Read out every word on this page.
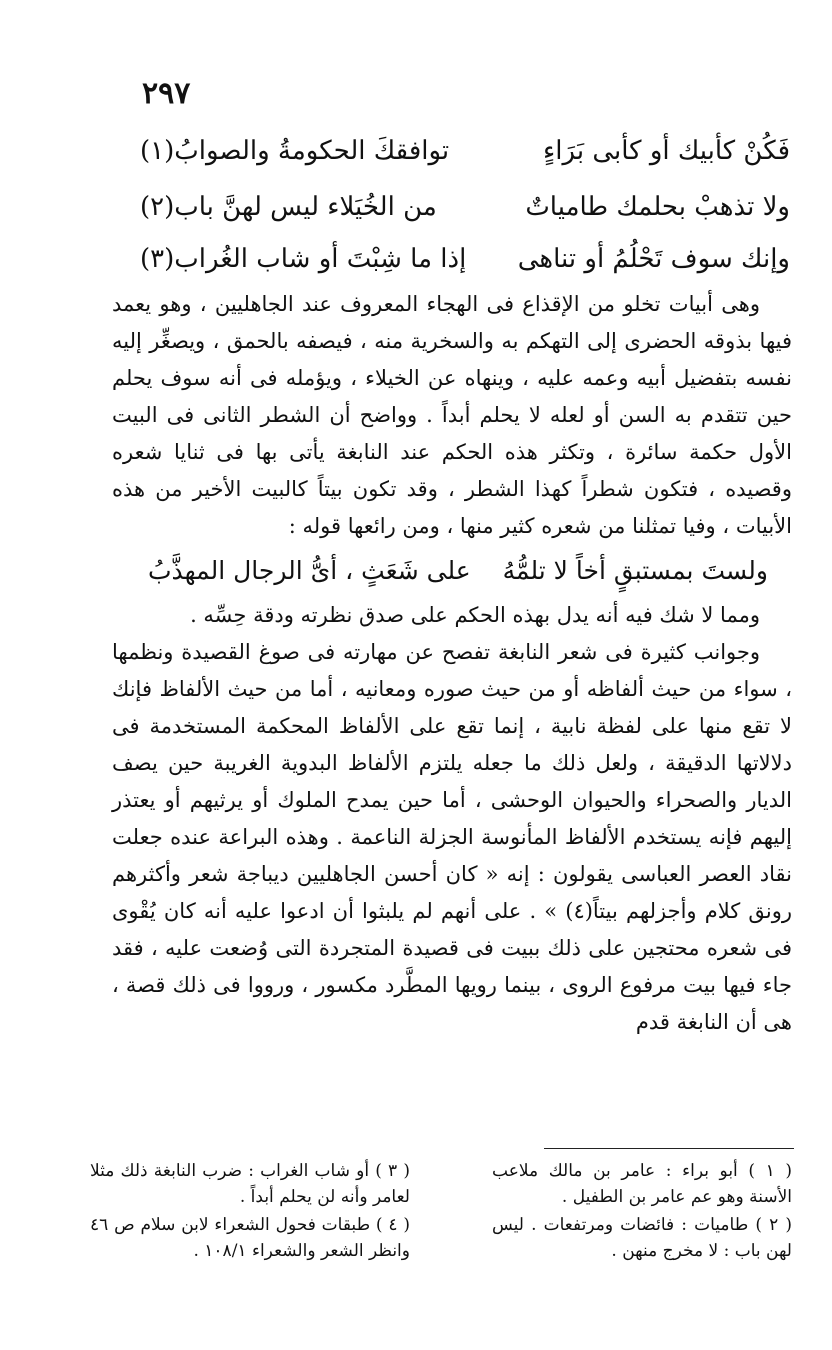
٢٩٧
فَكُنْ كأبيك أو كأبى بَرَاءٍ
توافقكَ الحكومةُ والصوابُ(١)
ولا تذهبْ بحلمك طامياتٌ
من الخُيَلاء ليس لهنَّ باب(٢)
وإنك سوف تَحْلُمُ أو تناهى
إذا ما شِبْتَ أو شاب الغُراب(٣)

وهى أبيات تخلو من الإقذاع فى الهجاء المعروف عند الجاهليين ، وهو يعمد فيها بذوقه الحضرى إلى التهكم به والسخرية منه ، فيصفه بالحمق ، ويصغِّر إليه نفسه بتفضيل أبيه وعمه عليه ، وينهاه عن الخيلاء ، ويؤمله فى أنه سوف يحلم حين تتقدم به السن أو لعله لا يحلم أبداً . وواضح أن الشطر الثانى فى البيت الأول حكمة سائرة ، وتكثر هذه الحكم عند النابغة يأتى بها فى ثنايا شعره وقصيده ، فتكون شطراً كهذا الشطر ، وقد تكون بيتاً كالبيت الأخير من هذه الأبيات ، وفيا تمثلنا من شعره كثير منها ، ومن رائعها قوله :

ولستَ بمستبقٍ أخاً لا تلمُّهُ
على شَعَثٍ ، أىُّ الرجال المهذَّبُ

ومما لا شك فيه أنه يدل بهذه الحكم على صدق نظرته ودقة حِسِّه .

وجوانب كثيرة فى شعر النابغة تفصح عن مهارته فى صوغ القصيدة ونظمها ، سواء من حيث ألفاظه أو من حيث صوره ومعانيه ، أما من حيث الألفاظ فإنك لا تقع منها على لفظة نابية ، إنما تقع على الألفاظ المحكمة المستخدمة فى دلالاتها الدقيقة ، ولعل ذلك ما جعله يلتزم الألفاظ البدوية الغريبة حين يصف الديار والصحراء والحيوان الوحشى ، أما حين يمدح الملوك أو يرثيهم أو يعتذر إليهم فإنه يستخدم الألفاظ المأنوسة الجزلة الناعمة . وهذه البراعة عنده جعلت نقاد العصر العباسى يقولون : إنه « كان أحسن الجاهليين ديباجة شعر وأكثرهم رونق كلام وأجزلهم بيتاً(٤) » . على أنهم لم يلبثوا أن ادعوا عليه أنه كان يُقْوى فى شعره محتجين على ذلك ببيت فى قصيدة المتجردة التى وُضعت عليه ، فقد جاء فيها بيت مرفوع الروى ، بينما رويها المطَّرد مكسور ، ورووا فى ذلك قصة ، هى أن النابغة قدم

( ١ ) أبو براء : عامر بن مالك ملاعب الأسنة وهو عم عامر بن الطفيل .

( ٢ ) طاميات : فائضات ومرتفعات . ليس لهن باب : لا مخرج منهن .

( ٣ ) أو شاب الغراب : ضرب النابغة ذلك مثلا لعامر وأنه لن يحلم أبداً .

( ٤ ) طبقات فحول الشعراء لابن سلام ص ٤٦ وانظر الشعر والشعراء ١٠٨/١ .
